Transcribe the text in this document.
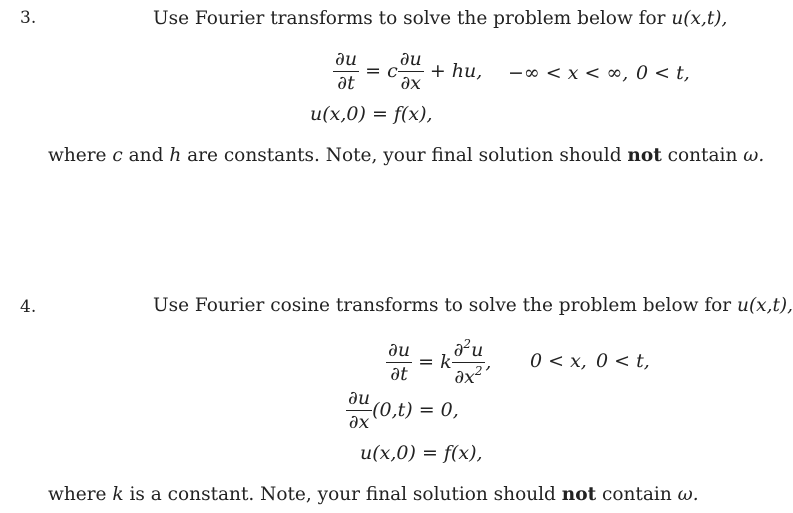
3.	Use Fourier transforms to solve the problem below for u(x,t),
$\frac{\partial u}{\partial t} = c \frac{\partial u}{\partial x}$ + hu, −∞ < x < ∞, 0 < t,
u(x,0) = f(x),
where c and h are constants. Note, your final solution should not contain ω.
4.	Use Fourier cosine transforms to solve the problem below for u(x,t),
$\frac{\partial u}{\partial t} = k \frac{\partial^2u}{\partial x^2}$ , 0 < x, 0 < t,
$\frac{\partial u}{\partial x} (0,t) = 0$,
u(x,0) = f(x),
where k is a constant. Note, your final solution should not contain ω.
